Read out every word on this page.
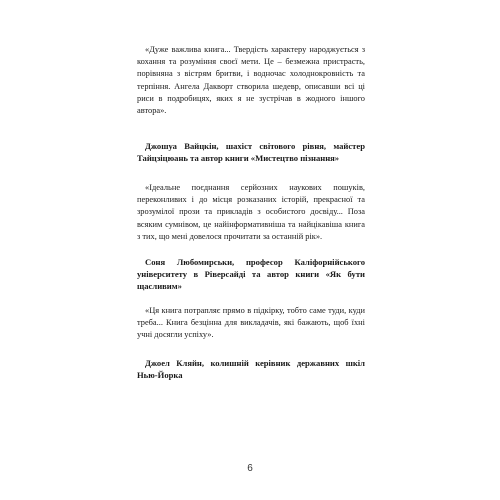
«Дуже важлива книга... Твердість характеру народжується з кохання та розуміння своєї мети. Це – безмежна пристрасть, порівняна з вістрям бритви, і водночас холоднокровність та терпіння. Ангела Дакворт створила шедевр, описавши всі ці риси в подробицях, яких я не зустрічав в жодного іншого автора».

Джошуа Вайцкін, шахіст світового рівня, майстер Тайцзіцюань та автор книги «Мистецтво пізнання»

«Ідеальне поєднання серйозних наукових пошуків, переконливих і до місця розказаних історій, прекрасної та зрозумілої прози та прикладів з особистого досвіду... Поза всяким сумнівом, це найінформативніша та найцікавіша книга з тих, що мені довелося прочитати за останній рік».

Соня Любомирськи, професор Каліфорнійського університету в Ріверсайді та автор книги «Як бути щасливим»

«Ця книга потрапляє прямо в підкірку, тобто саме туди, куди треба... Книга безцінна для викладачів, які бажають, щоб їхні учні досягли успіху».

Джоел Кляйн, колишній керівник державних шкіл Нью-Йорка

6
